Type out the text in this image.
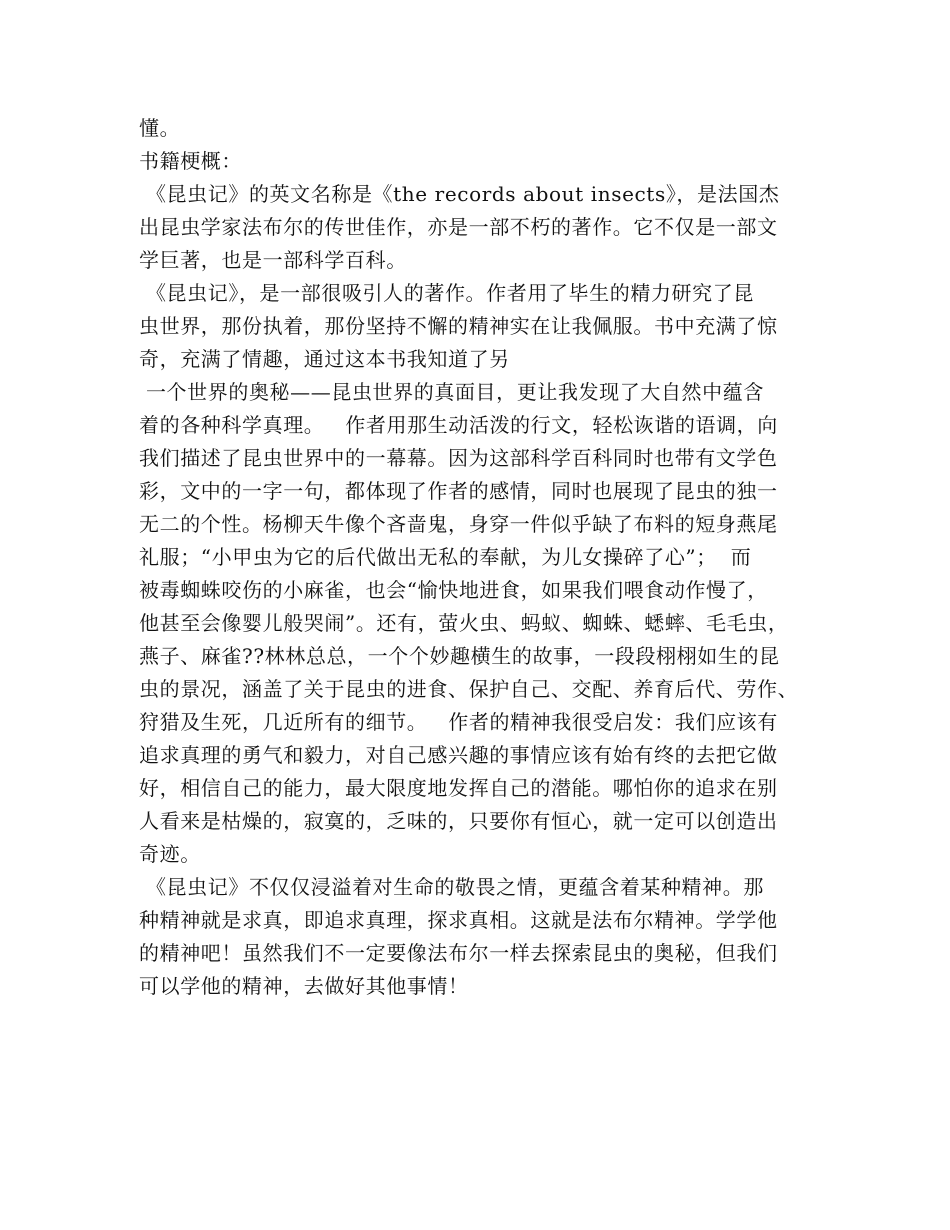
懂。
书籍梗概：
《昆虫记》的英文名称是《the records about insects》，是法国杰
出昆虫学家法布尔的传世佳作，亦是一部不朽的著作。它不仅是一部文
学巨著，也是一部科学百科。
《昆虫记》，是一部很吸引人的著作。作者用了毕生的精力研究了昆
虫世界，那份执着，那份坚持不懈的精神实在让我佩服。书中充满了惊
奇，充满了情趣，通过这本书我知道了另
一个世界的奥秘——昆虫世界的真面目，更让我发现了大自然中蕴含
着的各种科学真理。   作者用那生动活泼的行文，轻松诙谐的语调，向
我们描述了昆虫世界中的一幕幕。因为这部科学百科同时也带有文学色
彩，文中的一字一句，都体现了作者的感情，同时也展现了昆虫的独一
无二的个性。杨柳天牛像个吝啬鬼，身穿一件似乎缺了布料的短身燕尾
礼服；“小甲虫为它的后代做出无私的奉献，为儿女操碎了心”；  而
被毒蜘蛛咬伤的小麻雀，也会“愉快地进食，如果我们喂食动作慢了，
他甚至会像婴儿般哭闹”。还有，萤火虫、蚂蚁、蜘蛛、蟋蟀、毛毛虫，
燕子、麻雀??林林总总，一个个妙趣横生的故事，一段段栩栩如生的昆
虫的景况，涵盖了关于昆虫的进食、保护自己、交配、养育后代、劳作、
狩猎及生死，几近所有的细节。   作者的精神我很受启发：我们应该有
追求真理的勇气和毅力，对自己感兴趣的事情应该有始有终的去把它做
好，相信自己的能力，最大限度地发挥自己的潜能。哪怕你的追求在别
人看来是枯燥的，寂寞的，乏味的，只要你有恒心，就一定可以创造出
奇迹。
《昆虫记》不仅仅浸溢着对生命的敬畏之情，更蕴含着某种精神。那
种精神就是求真，即追求真理，探求真相。这就是法布尔精神。学学他
的精神吧！虽然我们不一定要像法布尔一样去探索昆虫的奥秘，但我们
可以学他的精神，去做好其他事情！
